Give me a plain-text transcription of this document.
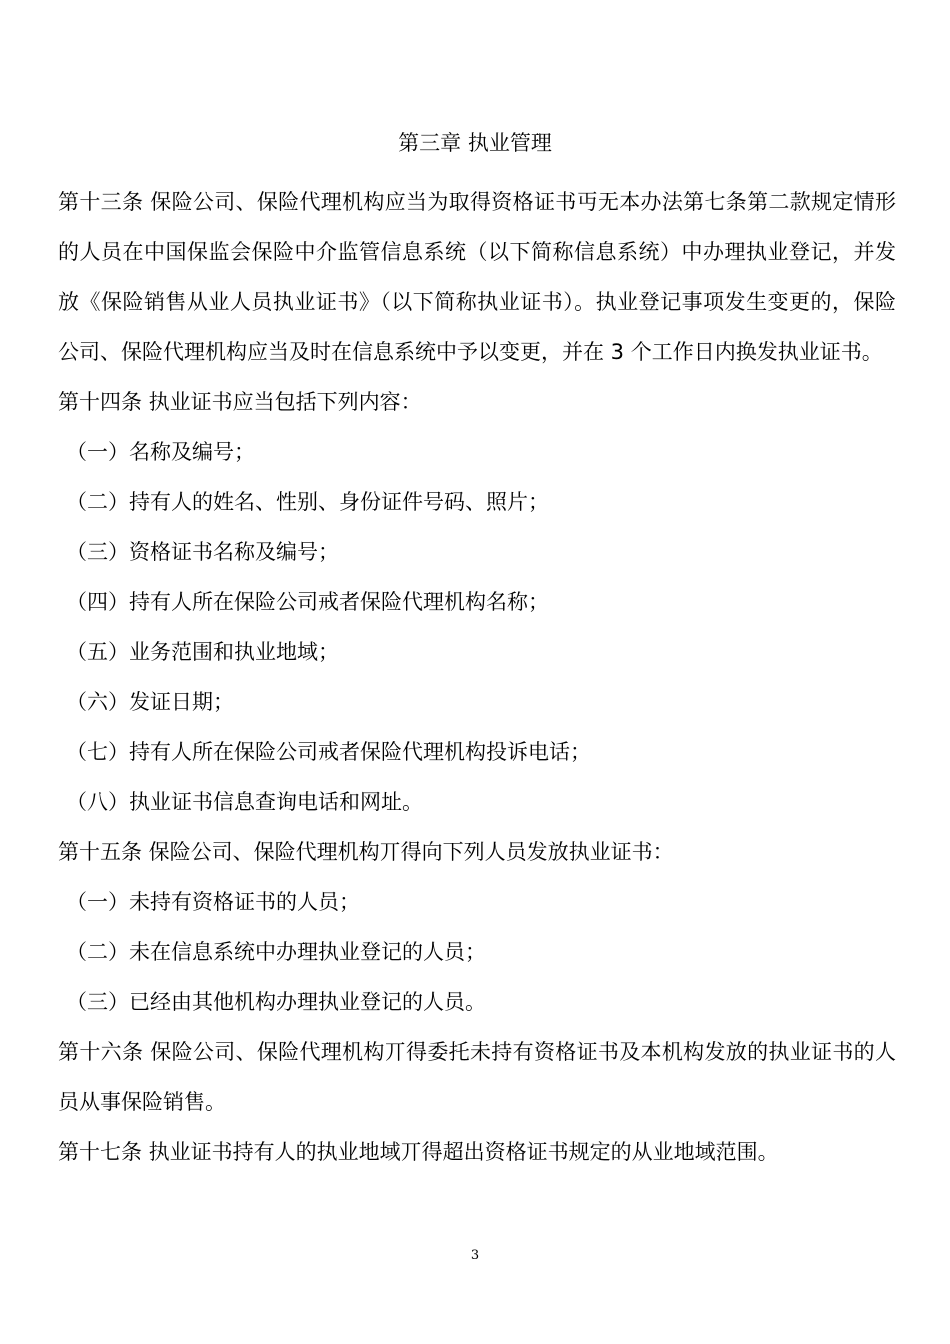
第三章 执业管理

第十三条 保险公司、保险代理机构应当为取得资格证书丏无本办法第七条第二款规定情形的人员在中国保监会保险中介监管信息系统（以下简称信息系统）中办理执业登记，并发放《保险销售从业人员执业证书》（以下简称执业证书）。执业登记事项发生变更的，保险公司、保险代理机构应当及时在信息系统中予以变更，并在 3 个工作日内换发执业证书。

第十四条 执业证书应当包括下列内容：

（一）名称及编号；

（二）持有人的姓名、性别、身份证件号码、照片；

（三）资格证书名称及编号；

（四）持有人所在保险公司戒者保险代理机构名称；

（五）业务范围和执业地域；

（六）发证日期；

（七）持有人所在保险公司戒者保险代理机构投诉电话；

（八）执业证书信息查询电话和网址。

第十五条 保险公司、保险代理机构丌得向下列人员发放执业证书：

（一）未持有资格证书的人员；

（二）未在信息系统中办理执业登记的人员；

（三）已经由其他机构办理执业登记的人员。

第十六条 保险公司、保险代理机构丌得委托未持有资格证书及本机构发放的执业证书的人员从事保险销售。

第十七条 执业证书持有人的执业地域丌得超出资格证书规定的从业地域范围。

3
